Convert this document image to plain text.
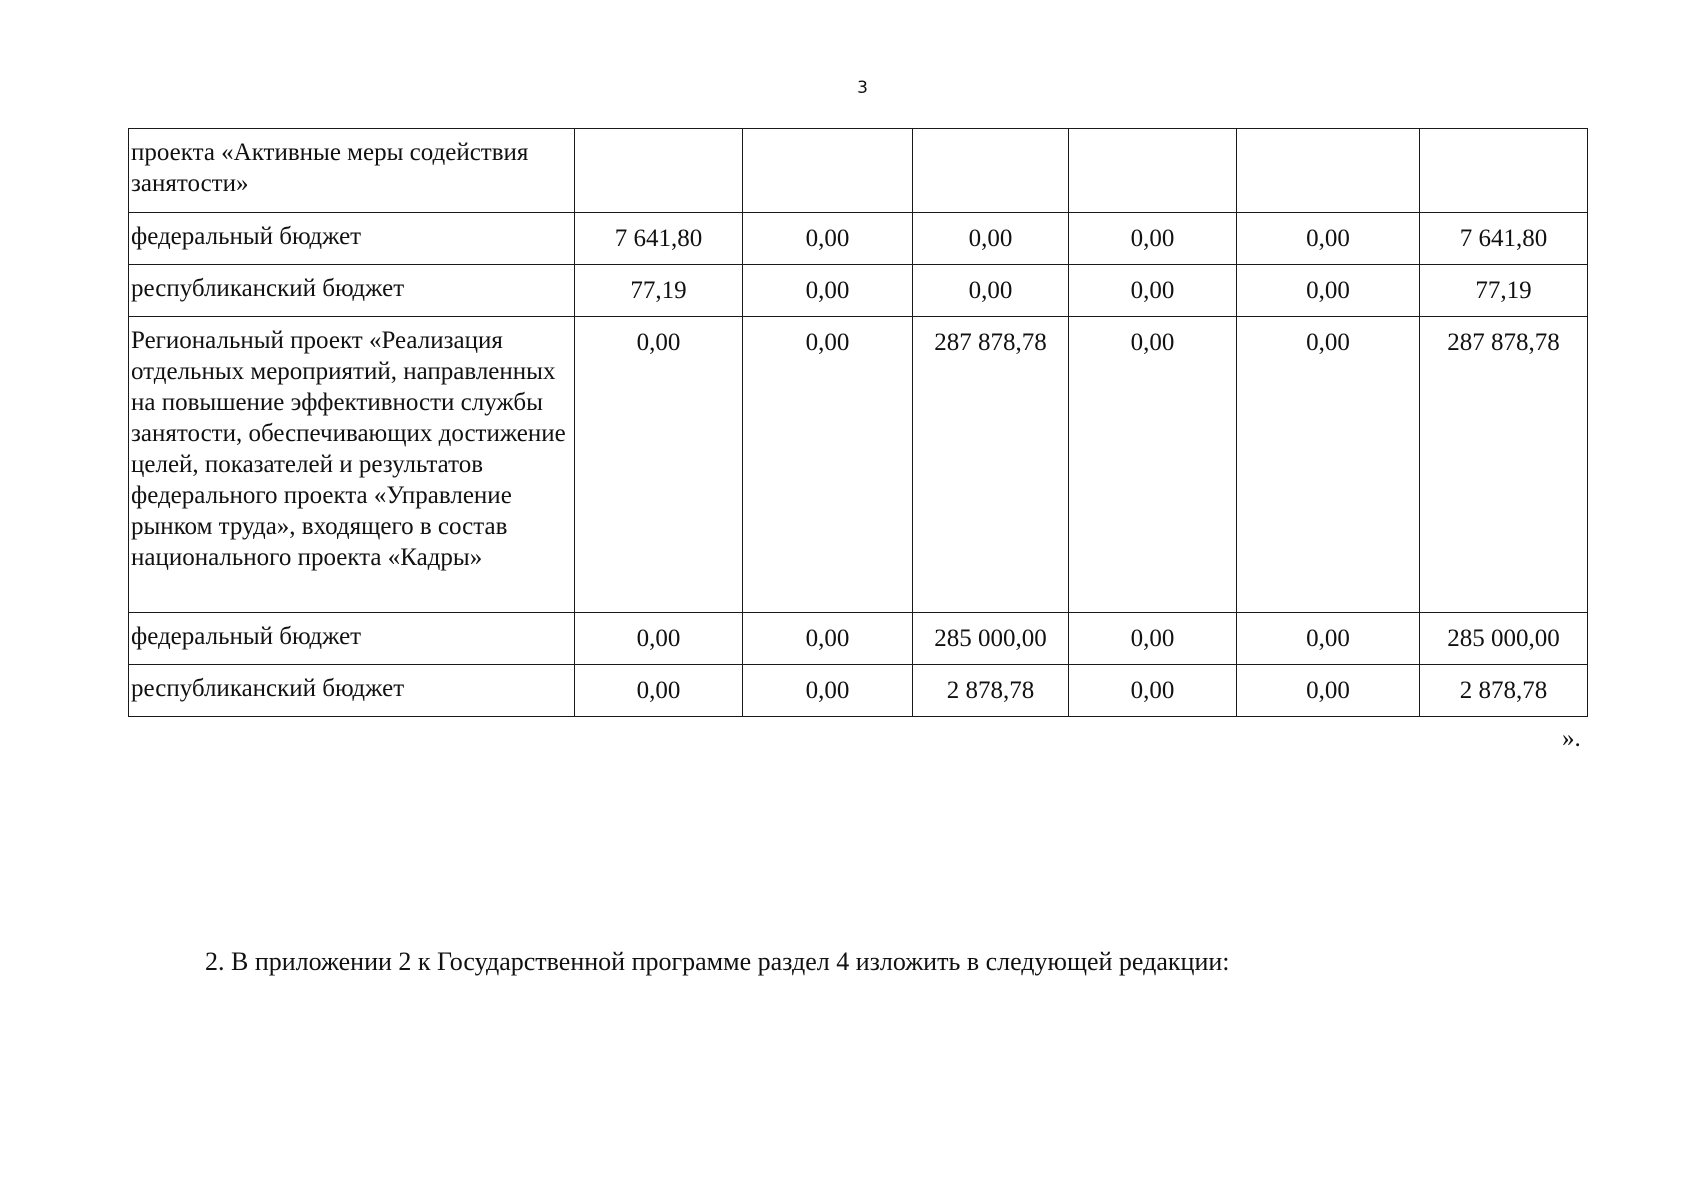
3
проекта «Активные меры содействия занятости»						
федеральный бюджет	7 641,80	0,00	0,00	0,00	0,00	7 641,80
республиканский бюджет	77,19	0,00	0,00	0,00	0,00	77,19
Региональный проект «Реализация отдельных мероприятий, направленных на повышение эффективности службы занятости, обеспечивающих достижение целей, показателей и результатов федерального проекта «Управление рынком труда», входящего в состав национального проекта «Кадры»	0,00	0,00	287 878,78	0,00	0,00	287 878,78
федеральный бюджет	0,00	0,00	285 000,00	0,00	0,00	285 000,00
республиканский бюджет	0,00	0,00	2 878,78	0,00	0,00	2 878,78
».
2. В приложении 2 к Государственной программе раздел 4 изложить в следующей редакции:
